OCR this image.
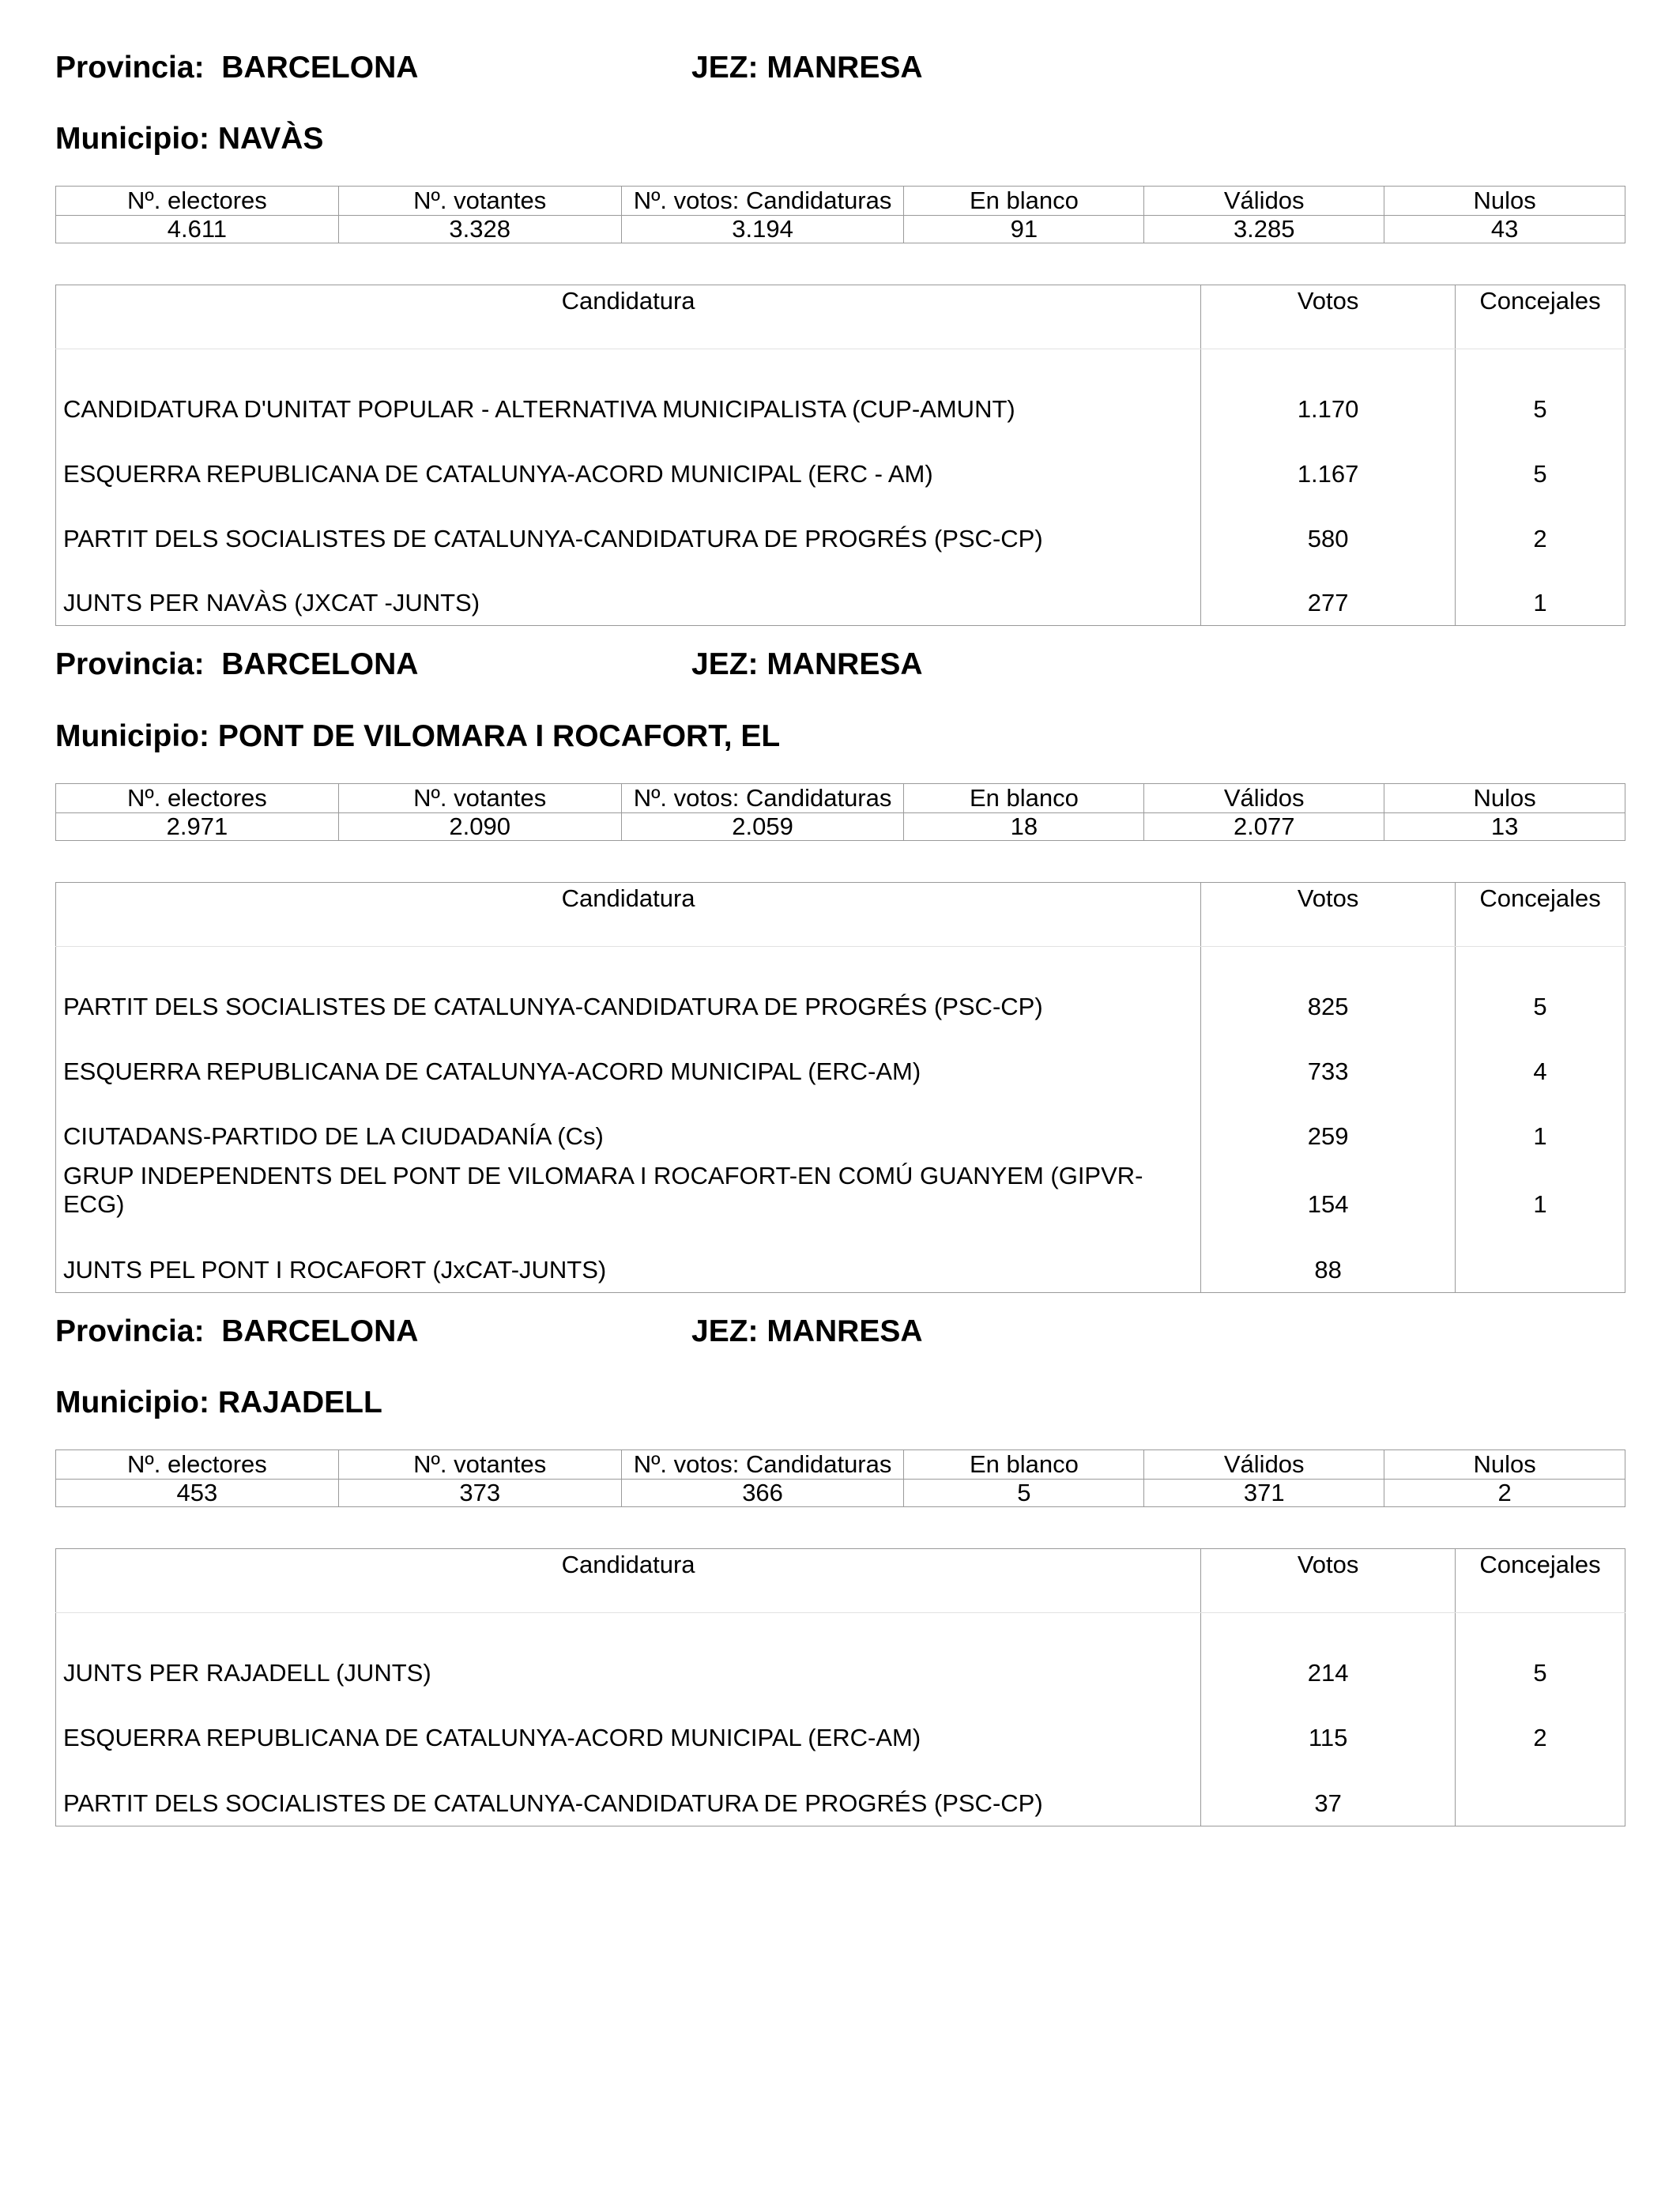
Provincia: BARCELONA	JEZ: MANRESA
Municipio: NAVÀS
Nº. electores	Nº. votantes	Nº. votos: Candidaturas	En blanco	Válidos	Nulos
4.611	3.328	3.194	91	3.285	43
Candidatura	Votos	Concejales
CANDIDATURA D'UNITAT POPULAR - ALTERNATIVA MUNICIPALISTA (CUP-AMUNT)	1.170	5
ESQUERRA REPUBLICANA DE CATALUNYA-ACORD MUNICIPAL (ERC - AM)	1.167	5
PARTIT DELS SOCIALISTES DE CATALUNYA-CANDIDATURA DE PROGRÉS (PSC-CP)	580	2
JUNTS PER NAVÀS (JXCAT -JUNTS)	277	1
Provincia: BARCELONA	JEZ: MANRESA
Municipio: PONT DE VILOMARA I ROCAFORT, EL
Nº. electores	Nº. votantes	Nº. votos: Candidaturas	En blanco	Válidos	Nulos
2.971	2.090	2.059	18	2.077	13
Candidatura	Votos	Concejales
PARTIT DELS SOCIALISTES DE CATALUNYA-CANDIDATURA DE PROGRÉS (PSC-CP)	825	5
ESQUERRA REPUBLICANA DE CATALUNYA-ACORD MUNICIPAL (ERC-AM)	733	4
CIUTADANS-PARTIDO DE LA CIUDADANÍA (Cs)	259	1
GRUP INDEPENDENTS DEL PONT DE VILOMARA I ROCAFORT-EN COMÚ GUANYEM (GIPVR-ECG)	154	1
JUNTS PEL PONT I ROCAFORT (JxCAT-JUNTS)	88	
Provincia: BARCELONA	JEZ: MANRESA
Municipio: RAJADELL
Nº. electores	Nº. votantes	Nº. votos: Candidaturas	En blanco	Válidos	Nulos
453	373	366	5	371	2
Candidatura	Votos	Concejales
JUNTS PER RAJADELL (JUNTS)	214	5
ESQUERRA REPUBLICANA DE CATALUNYA-ACORD MUNICIPAL (ERC-AM)	115	2
PARTIT DELS SOCIALISTES DE CATALUNYA-CANDIDATURA DE PROGRÉS (PSC-CP)	37	
